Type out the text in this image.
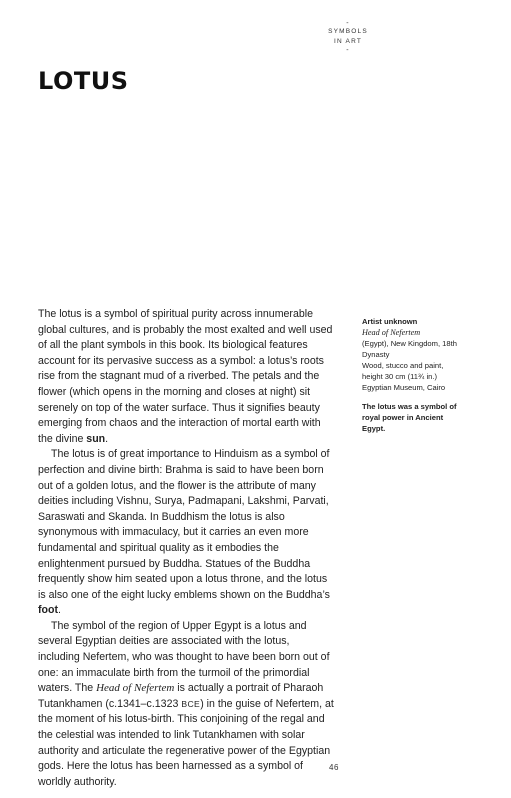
-
SYMBOLS
IN ART
-
LOTUS

The lotus is a symbol of spiritual purity across innumerable global cultures, and is probably the most exalted and well used of all the plant symbols in this book. Its biological features account for its pervasive success as a symbol: a lotus’s roots rise from the stagnant mud of a riverbed. The petals and the flower (which opens in the morning and closes at night) sit serenely on top of the water surface. Thus it signifies beauty emerging from chaos and the interaction of mortal earth with the divine sun.

The lotus is of great importance to Hinduism as a symbol of perfection and divine birth: Brahma is said to have been born out of a golden lotus, and the flower is the attribute of many deities including Vishnu, Surya, Padmapani, Lakshmi, Parvati, Saraswati and Skanda. In Buddhism the lotus is also synonymous with immaculacy, but it carries an even more fundamental and spiritual quality as it embodies the enlightenment pursued by Buddha. Statues of the Buddha frequently show him seated upon a lotus throne, and the lotus is also one of the eight lucky emblems shown on the Buddha’s foot.

The symbol of the region of Upper Egypt is a lotus and several Egyptian deities are associated with the lotus, including Nefertem, who was thought to have been born out of one: an immaculate birth from the turmoil of the primordial waters. The Head of Nefertem is actually a portrait of Pharaoh Tutankhamen (c.1341–c.1323 BCE) in the guise of Nefertem, at the moment of his lotus-birth. This conjoining of the regal and the celestial was intended to link Tutankhamen with solar authority and articulate the regenerative power of the Egyptian gods. Here the lotus has been harnessed as a symbol of worldly authority.

Artist unknown
Head of Nefertem
(Egypt), New Kingdom, 18th Dynasty
Wood, stucco and paint, height 30 cm (11¾ in.)
Egyptian Museum, Cairo
The lotus was a symbol of royal power in Ancient Egypt.
46
